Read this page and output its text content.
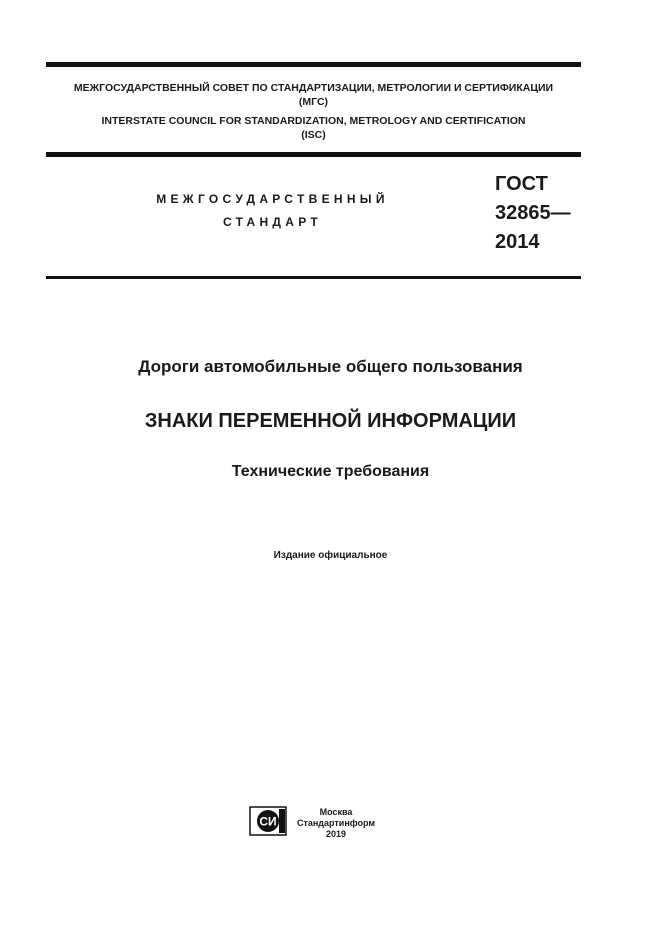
МЕЖГОСУДАРСТВЕННЫЙ СОВЕТ ПО СТАНДАРТИЗАЦИИ, МЕТРОЛОГИИ И СЕРТИФИКАЦИИ

(МГС)

INTERSTATE COUNCIL FOR STANDARDIZATION, METROLOGY AND CERTIFICATION

(ISC)

МЕЖГОСУДАРСТВЕННЫЙ

СТАНДАРТ

ГОСТ

32865—

2014

Дороги автомобильные общего пользования

ЗНАКИ ПЕРЕМЕННОЙ ИНФОРМАЦИИ

Технические требования

Издание официальное

СИ

Москва

Стандартинформ

2019
